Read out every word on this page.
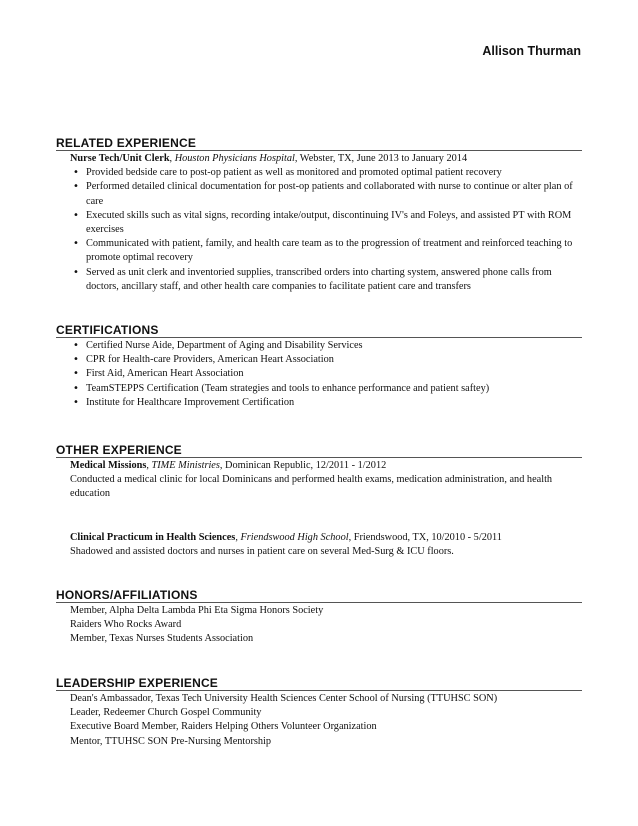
Allison Thurman
RELATED EXPERIENCE
Nurse Tech/Unit Clerk, Houston Physicians Hospital, Webster, TX, June 2013 to January 2014
• Provided bedside care to post-op patient as well as monitored and promoted optimal patient recovery
• Performed detailed clinical documentation for post-op patients and collaborated with nurse to continue or alter plan of care
• Executed skills such as vital signs, recording intake/output, discontinuing IV's and Foleys, and assisted PT with ROM exercises
• Communicated with patient, family, and health care team as to the progression of treatment and reinforced teaching to promote optimal recovery
• Served as unit clerk and inventoried supplies, transcribed orders into charting system, answered phone calls from doctors, ancillary staff, and other health care companies to facilitate patient care and transfers
CERTIFICATIONS
• Certified Nurse Aide, Department of Aging and Disability Services
• CPR for Health-care Providers, American Heart Association
• First Aid, American Heart Association
• TeamSTEPPS Certification (Team strategies and tools to enhance performance and patient saftey)
• Institute for Healthcare Improvement Certification
OTHER EXPERIENCE
Medical Missions, TIME Ministries, Dominican Republic, 12/2011 - 1/2012
Conducted a medical clinic for local Dominicans and performed health exams, medication administration, and health education
Clinical Practicum in Health Sciences, Friendswood High School, Friendswood, TX, 10/2010 - 5/2011
Shadowed and assisted doctors and nurses in patient care on several Med-Surg & ICU floors.
HONORS/AFFILIATIONS
Member, Alpha Delta Lambda Phi Eta Sigma Honors Society
Raiders Who Rocks Award
Member, Texas Nurses Students Association
LEADERSHIP EXPERIENCE
Dean's Ambassador, Texas Tech University Health Sciences Center School of Nursing (TTUHSC SON)
Leader, Redeemer Church Gospel Community
Executive Board Member, Raiders Helping Others Volunteer Organization
Mentor, TTUHSC SON Pre-Nursing Mentorship
